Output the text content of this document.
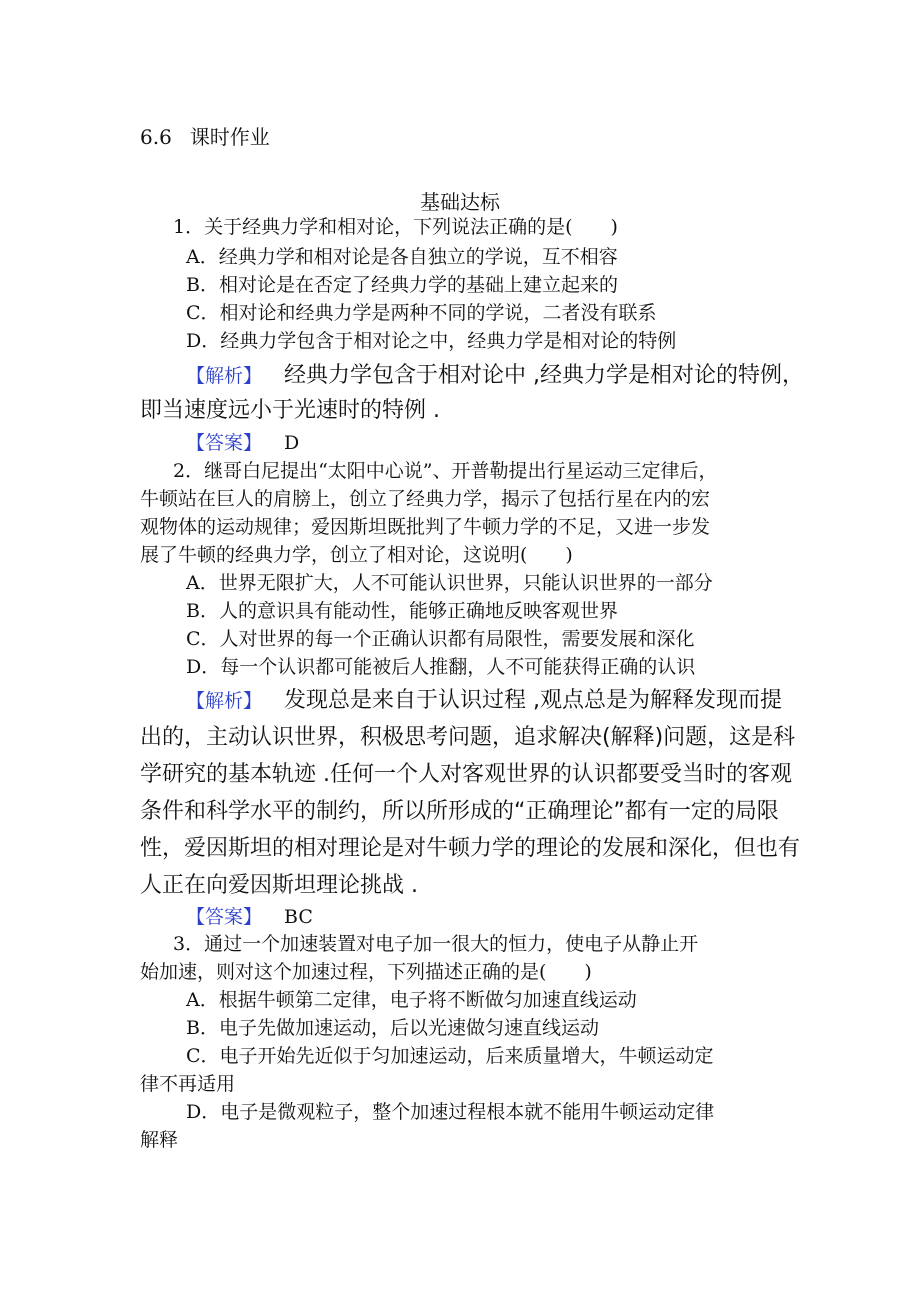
6.6 课时作业
基础达标
1．关于经典力学和相对论，下列说法正确的是(　　)
A．经典力学和相对论是各自独立的学说，互不相容
B．相对论是在否定了经典力学的基础上建立起来的
C．相对论和经典力学是两种不同的学说，二者没有联系
D．经典力学包含于相对论之中，经典力学是相对论的特例
【解析】 经典力学包含于相对论中 ,经典力学是相对论的特例，
即当速度远小于光速时的特例 .
【答案】 D
2．继哥白尼提出“太阳中心说”、开普勒提出行星运动三定律后，
牛顿站在巨人的肩膀上，创立了经典力学，揭示了包括行星在内的宏
观物体的运动规律；爱因斯坦既批判了牛顿力学的不足，又进一步发
展了牛顿的经典力学，创立了相对论，这说明(　　)
A．世界无限扩大，人不可能认识世界，只能认识世界的一部分
B．人的意识具有能动性，能够正确地反映客观世界
C．人对世界的每一个正确认识都有局限性，需要发展和深化
D．每一个认识都可能被后人推翻，人不可能获得正确的认识
【解析】 发现总是来自于认识过程 ,观点总是为解释发现而提
出的，主动认识世界，积极思考问题，追求解决(解释)问题，这是科
学研究的基本轨迹 .任何一个人对客观世界的认识都要受当时的客观
条件和科学水平的制约，所以所形成的“正确理论”都有一定的局限
性，爱因斯坦的相对理论是对牛顿力学的理论的发展和深化，但也有
人正在向爱因斯坦理论挑战 .
【答案】 BC
3．通过一个加速装置对电子加一很大的恒力，使电子从静止开
始加速，则对这个加速过程，下列描述正确的是(　　)
A．根据牛顿第二定律，电子将不断做匀加速直线运动
B．电子先做加速运动，后以光速做匀速直线运动
C．电子开始先近似于匀加速运动，后来质量增大，牛顿运动定
律不再适用
D．电子是微观粒子，整个加速过程根本就不能用牛顿运动定律
解释
